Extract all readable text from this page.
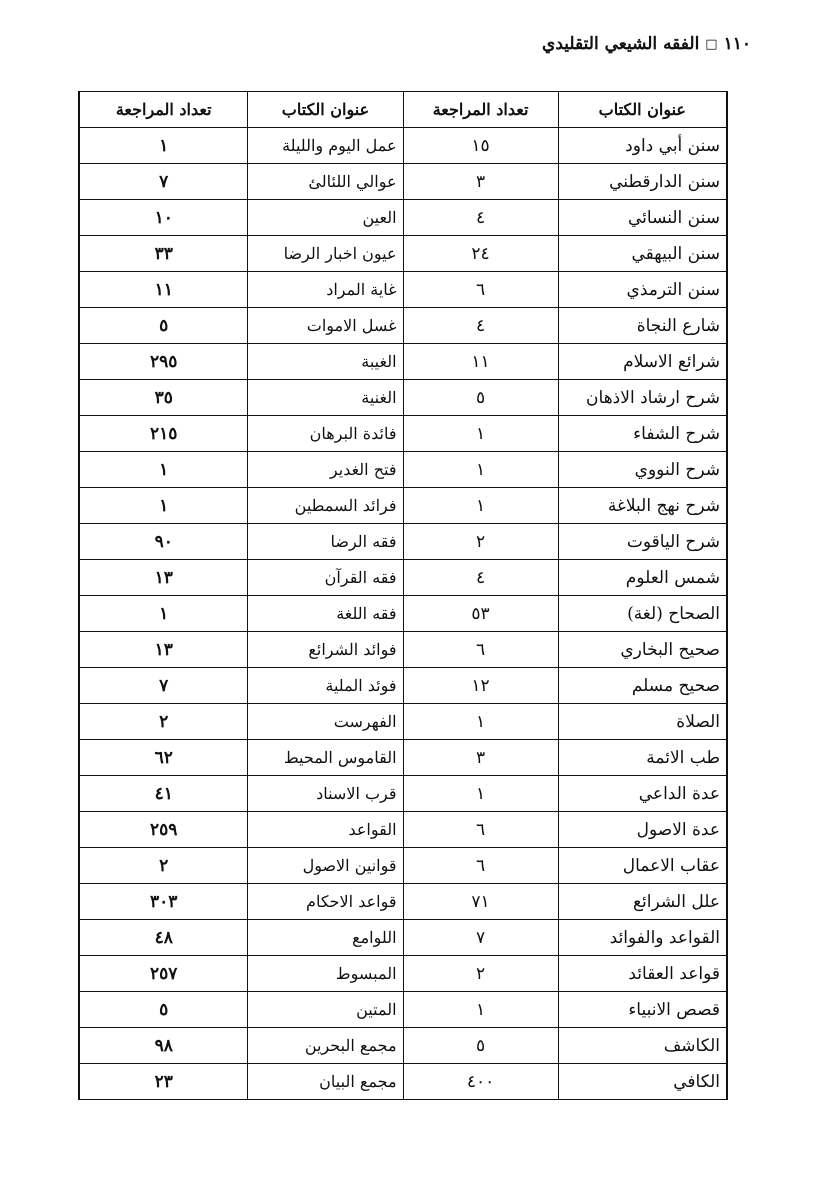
١١٠
□
الفقه الشيعي التقليدي
عنوان الكتاب	تعداد المراجعة	عنوان الكتاب	تعداد المراجعة
سنن أبي داود	١٥	عمل اليوم والليلة	١
سنن الدارقطني	٣	عوالي اللئالئ	٧
سنن النسائي	٤	العين	١٠
سنن البيهقي	٢٤	عيون اخبار الرضا	٣٣
سنن الترمذي	٦	غاية المراد	١١
شارع النجاة	٤	غسل الاموات	٥
شرائع الاسلام	١١	الغيبة	٢٩٥
شرح ارشاد الاذهان	٥	الغنية	٣٥
شرح الشفاء	١	فائدة البرهان	٢١٥
شرح النووي	١	فتح الغدير	١
شرح نهج البلاغة	١	فرائد السمطين	١
شرح الياقوت	٢	فقه الرضا	٩٠
شمس العلوم	٤	فقه القرآن	١٣
الصحاح (لغة)	٥٣	فقه اللغة	١
صحيح البخاري	٦	فوائد الشرائع	١٣
صحيح مسلم	١٢	فوئد الملية	٧
الصلاة	١	الفهرست	٢
طب الائمة	٣	القاموس المحيط	٦٢
عدة الداعي	١	قرب الاسناد	٤١
عدة الاصول	٦	القواعد	٢٥٩
عقاب الاعمال	٦	قوانين الاصول	٢
علل الشرائع	٧١	قواعد الاحكام	٣٠٣
القواعد والفوائد	٧	اللوامع	٤٨
قواعد العقائد	٢	المبسوط	٢٥٧
قصص الانبياء	١	المتين	٥
الكاشف	٥	مجمع البحرين	٩٨
الكافي	٤٠٠	مجمع البيان	٢٣
